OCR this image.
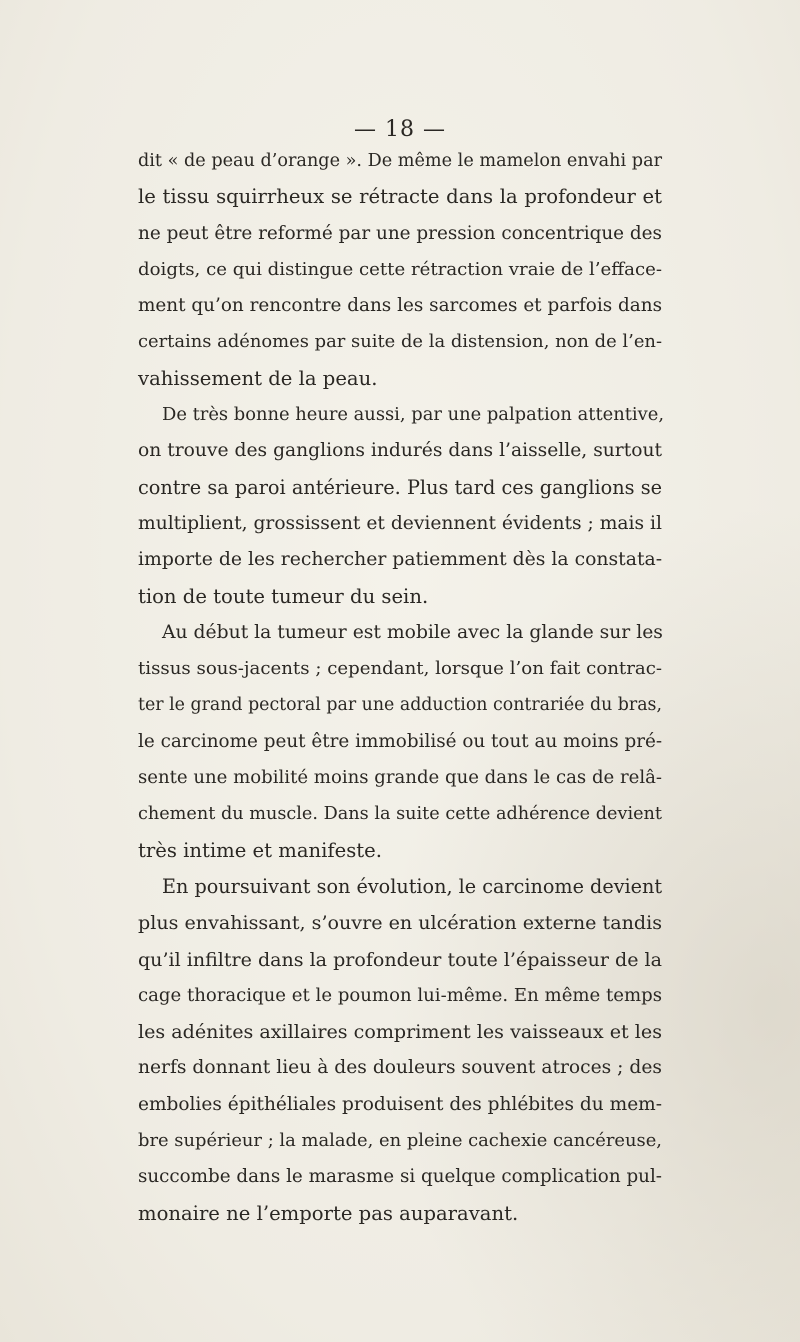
— 18 —
dit « de peau d’orange ». De même le mamelon envahi par
le tissu squirrheux se rétracte dans la profondeur et
ne peut être reformé par une pression concentrique des
doigts, ce qui distingue cette rétraction vraie de l’efface-
ment qu’on rencontre dans les sarcomes et parfois dans
certains adénomes par suite de la distension, non de l’en-
vahissement de la peau.
De très bonne heure aussi, par une palpation attentive,
on trouve des ganglions indurés dans l’aisselle, surtout
contre sa paroi antérieure. Plus tard ces ganglions se
multiplient, grossissent et deviennent évidents ; mais il
importe de les rechercher patiemment dès la constata-
tion de toute tumeur du sein.
Au début la tumeur est mobile avec la glande sur les
tissus sous-jacents ; cependant, lorsque l’on fait contrac-
ter le grand pectoral par une adduction contrariée du bras,
le carcinome peut être immobilisé ou tout au moins pré-
sente une mobilité moins grande que dans le cas de relâ-
chement du muscle. Dans la suite cette adhérence devient
très intime et manifeste.
En poursuivant son évolution, le carcinome devient
plus envahissant, s’ouvre en ulcération externe tandis
qu’il infiltre dans la profondeur toute l’épaisseur de la
cage thoracique et le poumon lui-même. En même temps
les adénites axillaires compriment les vaisseaux et les
nerfs donnant lieu à des douleurs souvent atroces ; des
embolies épithéliales produisent des phlébites du mem-
bre supérieur ; la malade, en pleine cachexie cancéreuse,
succombe dans le marasme si quelque complication pul-
monaire ne l’emporte pas auparavant.
